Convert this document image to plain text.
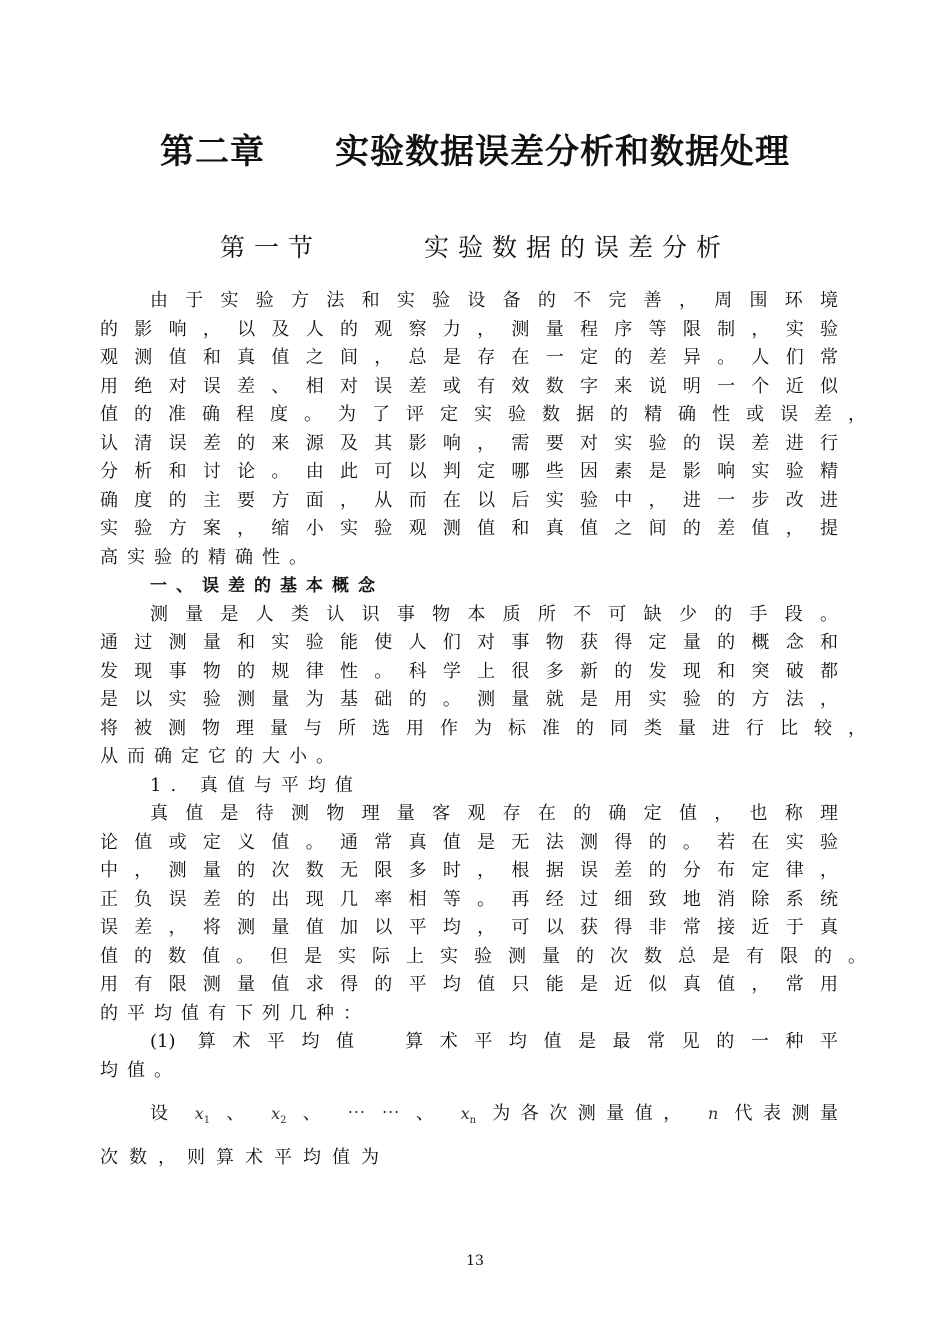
第二章　　实验数据误差分析和数据处理
第一节　　　实验数据的误差分析
由于实验方法和实验设备的不完善，周围环境
的影响，以及人的观察力，测量程序等限制，实验
观测值和真值之间，总是存在一定的差异。人们常
用绝对误差、相对误差或有效数字来说明一个近似
值的准确程度。为了评定实验数据的精确性或误差，
认清误差的来源及其影响，需要对实验的误差进行
分析和讨论。由此可以判定哪些因素是影响实验精
确度的主要方面，从而在以后实验中，进一步改进
实验方案，缩小实验观测值和真值之间的差值，提
高实验的精确性。
一、误差的基本概念
测量是人类认识事物本质所不可缺少的手段。
通过测量和实验能使人们对事物获得定量的概念和
发现事物的规律性。科学上很多新的发现和突破都
是以实验测量为基础的。测量就是用实验的方法，
将被测物理量与所选用作为标准的同类量进行比较，
从而确定它的大小。
1. 真值与平均值
真值是待测物理量客观存在的确定值，也称理
论值或定义值。通常真值是无法测得的。若在实验
中，测量的次数无限多时，根据误差的分布定律，
正负误差的出现几率相等。再经过细致地消除系统
误差，将测量值加以平均，可以获得非常接近于真
值的数值。但是实际上实验测量的次数总是有限的。
用有限测量值求得的平均值只能是近似真值，常用
的平均值有下列几种：
(1) 算术平均值　算术平均值是最常见的一种平
均值。
设 $x_1$ 、 $x_2$ 、 ⋯ ⋯ 、 $x_n$ 为各次测量值， n 代表测量
次数，则算术平均值为
13
